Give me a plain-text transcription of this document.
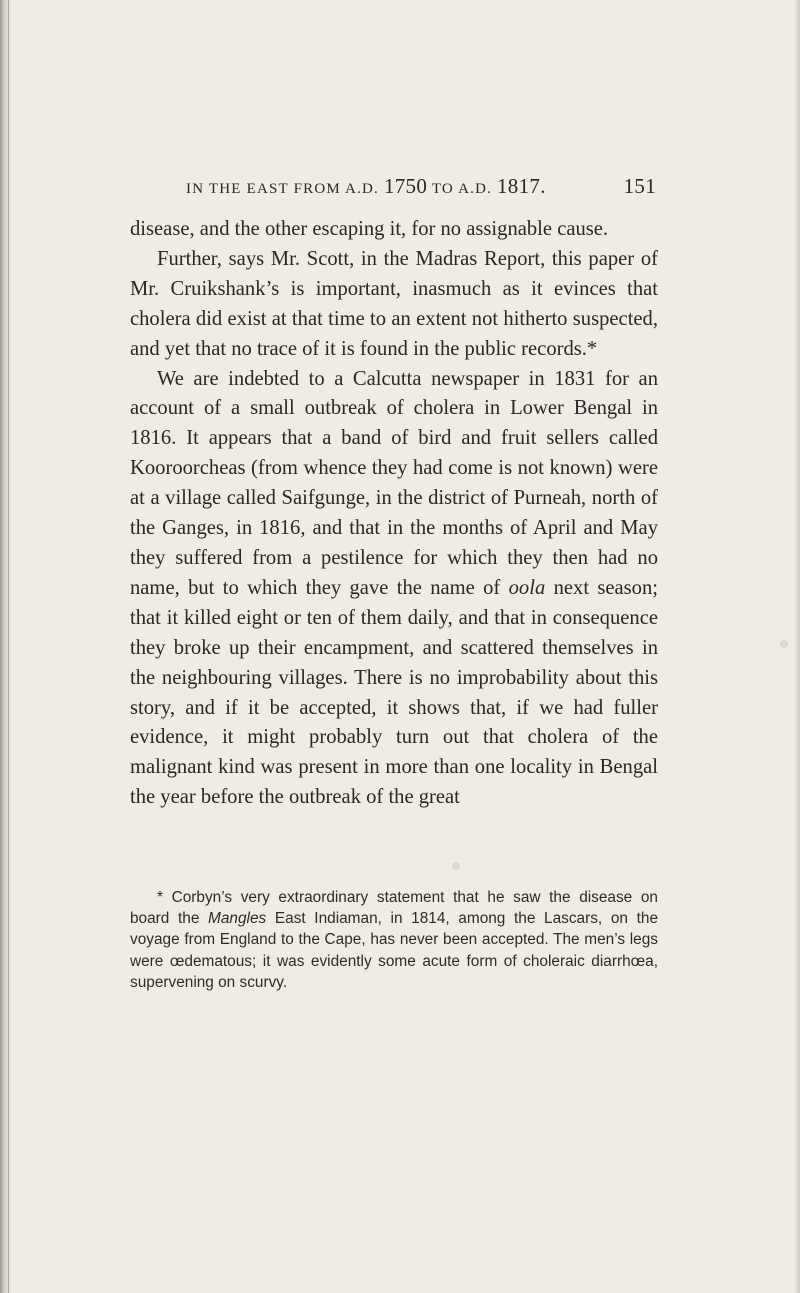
IN THE EAST FROM A.D. 1750 TO A.D. 1817.	151

disease, and the other escaping it, for no assignable cause.

Further, says Mr. Scott, in the Madras Report, this paper of Mr. Cruikshank’s is important, inasmuch as it evinces that cholera did exist at that time to an extent not hitherto suspected, and yet that no trace of it is found in the public records.*

We are indebted to a Calcutta newspaper in 1831 for an account of a small outbreak of cholera in Lower Bengal in 1816. It appears that a band of bird and fruit sellers called Kooroorcheas (from whence they had come is not known) were at a village called Saifgunge, in the district of Purneah, north of the Ganges, in 1816, and that in the months of April and May they suffered from a pestilence for which they then had no name, but to which they gave the name of oola next season; that it killed eight or ten of them daily, and that in consequence they broke up their encampment, and scattered themselves in the neighbouring villages. There is no improbability about this story, and if it be accepted, it shows that, if we had fuller evidence, it might probably turn out that cholera of the malignant kind was present in more than one locality in Bengal the year before the outbreak of the great

* Corbyn’s very extraordinary statement that he saw the disease on board the Mangles East Indiaman, in 1814, among the Lascars, on the voyage from England to the Cape, has never been accepted. The men’s legs were œdematous; it was evidently some acute form of choleraic diarrhœa, supervening on scurvy.
